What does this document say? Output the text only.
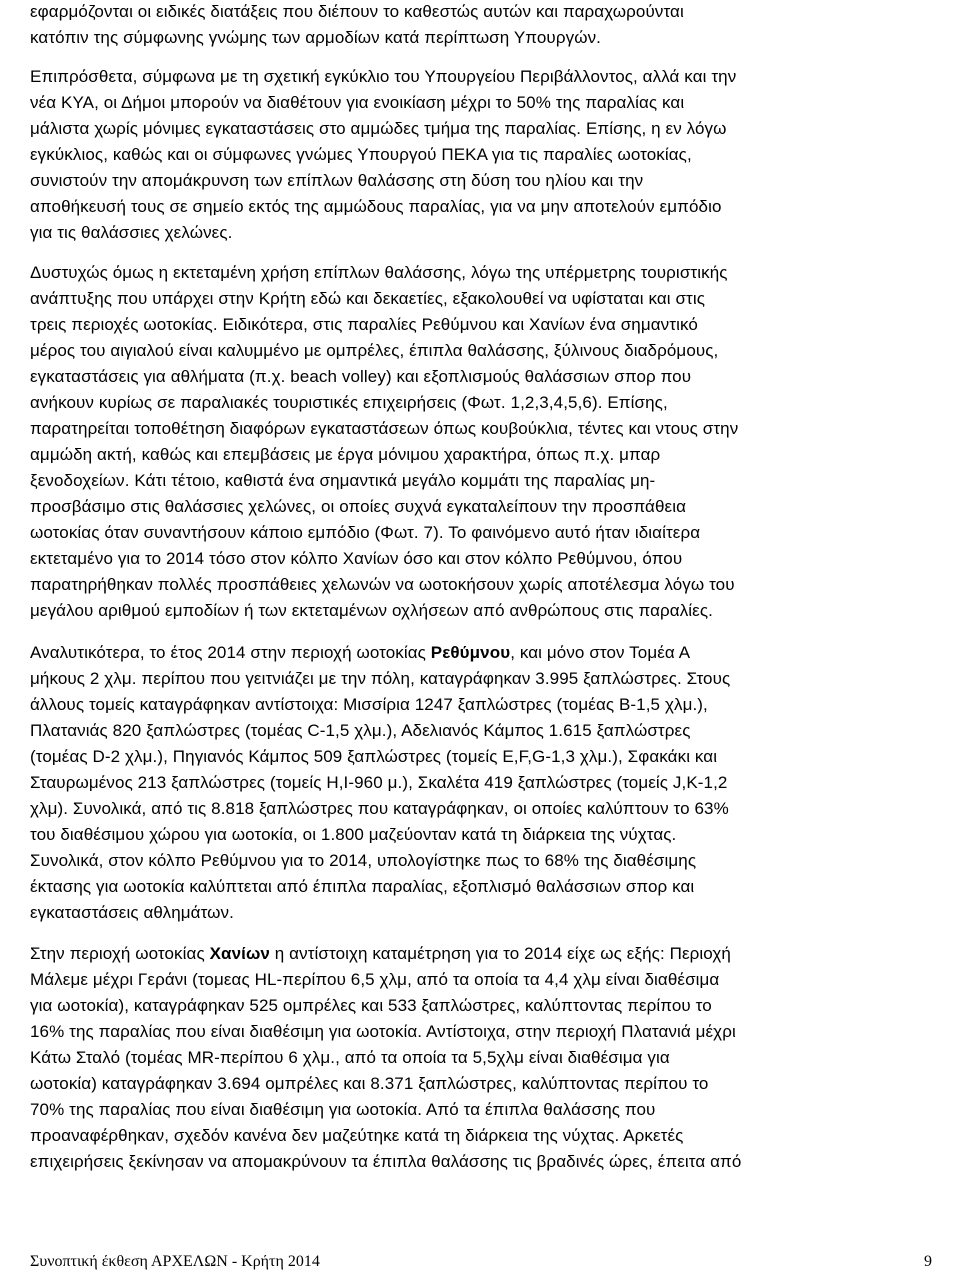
εφαρμόζονται οι ειδικές διατάξεις που διέπουν το καθεστώς αυτών και παραχωρούνται
κατόπιν της σύμφωνης γνώμης των αρμοδίων κατά περίπτωση Υπουργών.
Επιπρόσθετα, σύμφωνα με τη σχετική εγκύκλιο του Υπουργείου Περιβάλλοντος, αλλά και την
νέα ΚΥΑ, οι Δήμοι μπορούν να διαθέτουν για ενοικίαση μέχρι το 50% της παραλίας και
μάλιστα χωρίς μόνιμες εγκαταστάσεις στο αμμώδες τμήμα της παραλίας. Επίσης, η εν λόγω
εγκύκλιος, καθώς και οι σύμφωνες γνώμες Υπουργού ΠΕΚΑ για τις παραλίες ωοτοκίας,
συνιστούν την απομάκρυνση των επίπλων θαλάσσης στη δύση του ηλίου και την
αποθήκευσή τους σε σημείο εκτός της αμμώδους παραλίας, για να μην αποτελούν εμπόδιο
για τις θαλάσσιες χελώνες.
Δυστυχώς όμως η εκτεταμένη χρήση επίπλων θαλάσσης, λόγω της υπέρμετρης τουριστικής
ανάπτυξης που υπάρχει στην Κρήτη εδώ και δεκαετίες, εξακολουθεί να υφίσταται και στις
τρεις περιοχές ωοτοκίας. Ειδικότερα, στις παραλίες Ρεθύμνου και Χανίων ένα σημαντικό
μέρος του αιγιαλού είναι καλυμμένο με ομπρέλες, έπιπλα θαλάσσης, ξύλινους διαδρόμους,
εγκαταστάσεις για αθλήματα (π.χ. beach volley) και εξοπλισμούς θαλάσσιων σπορ που
ανήκουν κυρίως σε παραλιακές τουριστικές επιχειρήσεις (Φωτ. 1,2,3,4,5,6). Επίσης,
παρατηρείται τοποθέτηση διαφόρων εγκαταστάσεων όπως κουβούκλια, τέντες και ντους στην
αμμώδη ακτή, καθώς και επεμβάσεις με έργα μόνιμου χαρακτήρα, όπως π.χ. μπαρ
ξενοδοχείων. Κάτι τέτοιο, καθιστά ένα σημαντικά μεγάλο κομμάτι της παραλίας μη-
προσβάσιμο στις θαλάσσιες χελώνες, οι οποίες συχνά εγκαταλείπουν την προσπάθεια
ωοτοκίας όταν συναντήσουν κάποιο εμπόδιο (Φωτ. 7). Το φαινόμενο αυτό ήταν ιδιαίτερα
εκτεταμένο για το 2014 τόσο στον κόλπο Χανίων όσο και στον κόλπο Ρεθύμνου, όπου
παρατηρήθηκαν πολλές προσπάθειες χελωνών να ωοτοκήσουν χωρίς αποτέλεσμα λόγω του
μεγάλου αριθμού εμποδίων ή των εκτεταμένων οχλήσεων από ανθρώπους στις παραλίες.
Αναλυτικότερα, το έτος 2014 στην περιοχή ωοτοκίας Ρεθύμνου, και μόνο στον Τομέα Α
μήκους 2 χλμ. περίπου που γειτνιάζει με την πόλη, καταγράφηκαν 3.995 ξαπλώστρες. Στους
άλλους τομείς καταγράφηκαν αντίστοιχα: Μισσίρια 1247 ξαπλώστρες (τομέας Β-1,5 χλμ.),
Πλατανιάς 820 ξαπλώστρες (τομέας C-1,5 χλμ.), Αδελιανός Κάμπος 1.615 ξαπλώστρες
(τομέας D-2 χλμ.), Πηγιανός Κάμπος 509 ξαπλώστρες (τομείς E,F,G-1,3 χλμ.), Σφακάκι και
Σταυρωμένος 213 ξαπλώστρες (τομείς H,I-960 μ.), Σκαλέτα 419 ξαπλώστρες (τομείς J,K-1,2
χλμ). Συνολικά, από τις 8.818 ξαπλώστρες που καταγράφηκαν, οι οποίες καλύπτουν το 63%
του διαθέσιμου χώρου για ωοτοκία, οι 1.800 μαζεύονταν κατά τη διάρκεια της νύχτας.
Συνολικά, στον κόλπο Ρεθύμνου για το 2014, υπολογίστηκε πως το 68% της διαθέσιμης
έκτασης για ωοτοκία καλύπτεται από έπιπλα παραλίας, εξοπλισμό θαλάσσιων σπορ και
εγκαταστάσεις αθλημάτων.
Στην περιοχή ωοτοκίας Χανίων η αντίστοιχη καταμέτρηση για το 2014 είχε ως εξής: Περιοχή
Μάλεμε μέχρι Γεράνι (τομεας HL-περίπου 6,5 χλμ, από τα οποία τα 4,4 χλμ είναι διαθέσιμα
για ωοτοκία), καταγράφηκαν 525 ομπρέλες και 533 ξαπλώστρες, καλύπτοντας περίπου το
16% της παραλίας που είναι διαθέσιμη για ωοτοκία. Αντίστοιχα, στην περιοχή Πλατανιά μέχρι
Κάτω Σταλό (τομέας MR-περίπου 6 χλμ., από τα οποία τα 5,5χλμ είναι διαθέσιμα για
ωοτοκία) καταγράφηκαν 3.694 ομπρέλες και 8.371 ξαπλώστρες, καλύπτοντας περίπου το
70% της παραλίας που είναι διαθέσιμη για ωοτοκία. Από τα έπιπλα θαλάσσης που
προαναφέρθηκαν, σχεδόν κανένα δεν μαζεύτηκε κατά τη διάρκεια της νύχτας. Αρκετές
επιχειρήσεις ξεκίνησαν να απομακρύνουν τα έπιπλα θαλάσσης τις βραδινές ώρες, έπειτα από
Συνοπτική έκθεση ΑΡΧΕΛΩΝ - Κρήτη 2014	9
